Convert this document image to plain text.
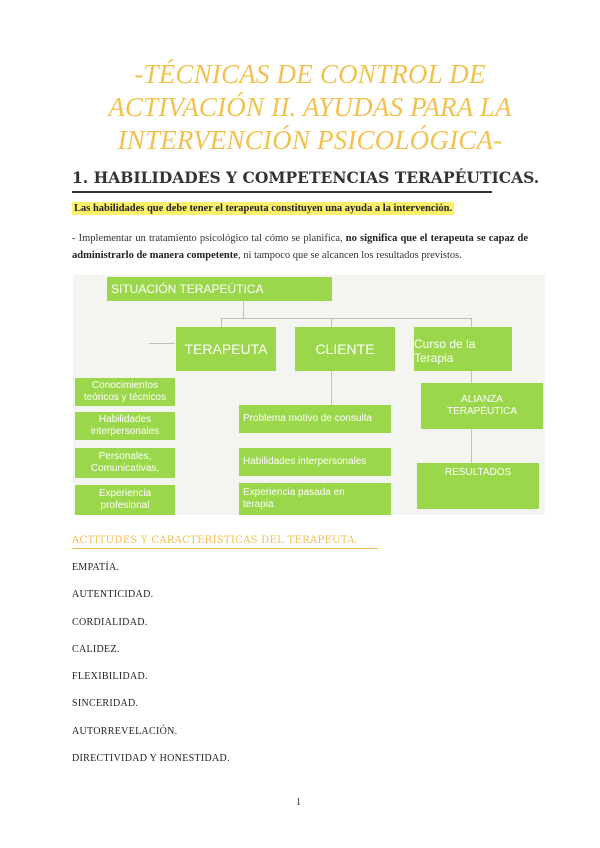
-TÉCNICAS DE CONTROL DE
ACTIVACIÓN II. AYUDAS PARA LA
INTERVENCIÓN PSICOLÓGICA-
1. HABILIDADES Y COMPETENCIAS TERAPÉUTICAS.
Las habilidades que debe tener el terapeuta constituyen una ayuda a la intervención.
- Implementar un tratamiento psicológico tal cómo se planifica, no significa que el terapeuta se capaz de administrarlo de manera competente, ni tampoco que se alcancen los resultados previstos.
SITUACIÓN TERAPEÚTICA
TERAPEUTA	CLIENTE	Curso de la
Terapia
Conocimientos
teóricos y técnicos
Habilidades
interpersonales
Personales,
Comunicativas,
Experiencia
profesional
Problema motivo de consulta
Habilidades interpersonales
Experiencia pasada en
terapia
ALIANZA
TERAPÉUTICA
RESULTADOS
ACTITUDES Y CARACTERÍSTICAS DEL TERAPEUTA.
EMPATÍA.
AUTENTICIDAD.
CORDIALIDAD.
CALIDEZ.
FLEXIBILIDAD.
SINCERIDAD.
AUTORREVELACIÓN.
DIRECTIVIDAD Y HONESTIDAD.
1
